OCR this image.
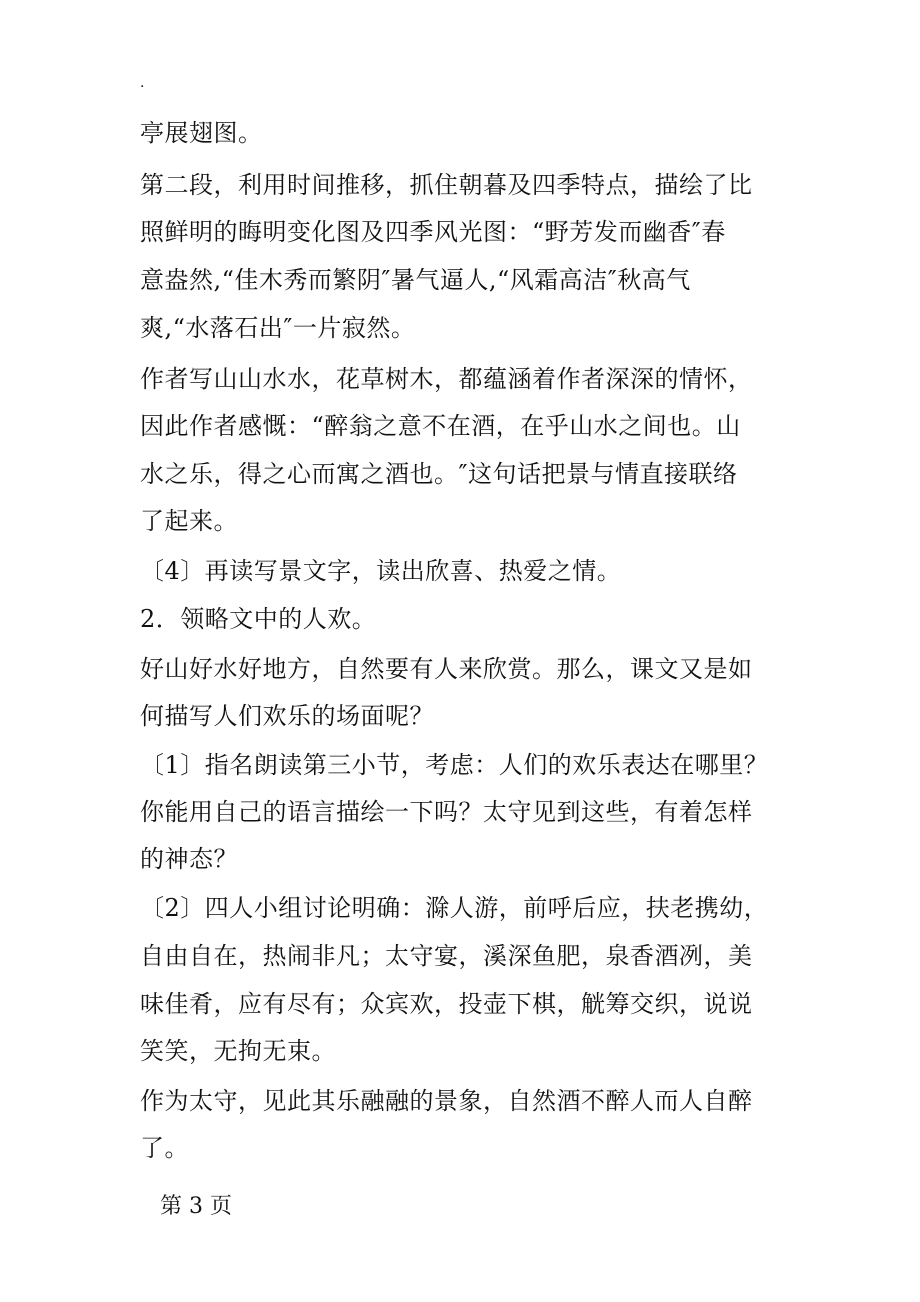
.
亭展翅图。
第二段，利用时间推移，抓住朝暮及四季特点，描绘了比
照鲜明的晦明变化图及四季风光图：“野芳发而幽香″春
意盎然,“佳木秀而繁阴″暑气逼人,“风霜高洁″秋高气
爽,“水落石出″一片寂然。
作者写山山水水，花草树木，都蕴涵着作者深深的情怀，
因此作者感慨：“醉翁之意不在酒，在乎山水之间也。山
水之乐，得之心而寓之酒也。″这句话把景与情直接联络
了起来。
〔4〕再读写景文字，读出欣喜、热爱之情。
2．领略文中的人欢。
好山好水好地方，自然要有人来欣赏。那么，课文又是如
何描写人们欢乐的场面呢？
〔1〕指名朗读第三小节，考虑：人们的欢乐表达在哪里？
你能用自己的语言描绘一下吗？太守见到这些，有着怎样
的神态？
〔2〕四人小组讨论明确：滁人游，前呼后应，扶老携幼，
自由自在，热闹非凡；太守宴，溪深鱼肥，泉香酒冽，美
味佳肴，应有尽有；众宾欢，投壶下棋，觥筹交织，说说
笑笑，无拘无束。
作为太守，见此其乐融融的景象，自然酒不醉人而人自醉
了。
第 3 页
